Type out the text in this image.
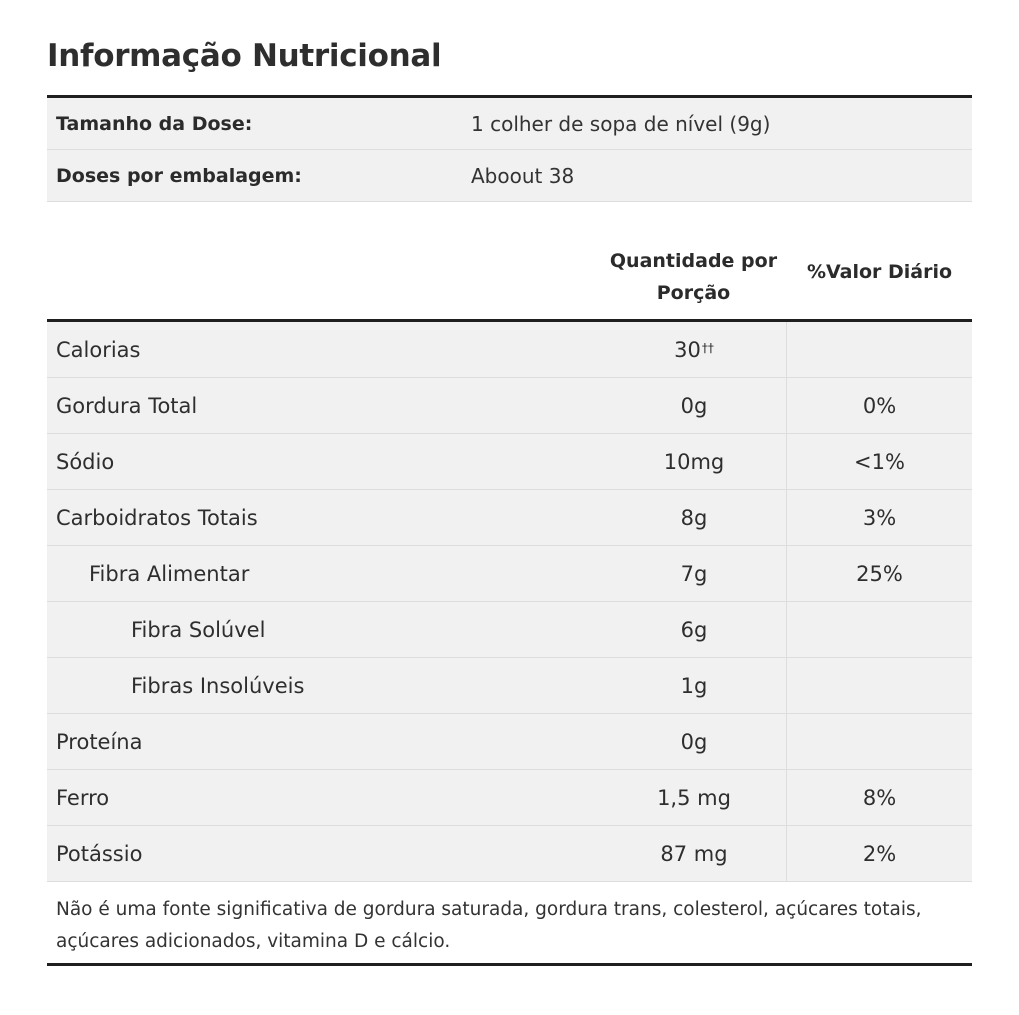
Informação Nutricional
Tamanho da Dose:	1 colher de sopa de nível (9g)
Doses por embalagem:	Aboout 38
Quantidade por
Porção
%Valor Diário
Calorias	30††
Gordura Total	0g	0%
Sódio	10mg	<1%
Carboidratos Totais	8g	3%
Fibra Alimentar	7g	25%
Fibra Solúvel	6g
Fibras Insolúveis	1g
Proteína	0g
Ferro	1,5 mg	8%
Potássio	87 mg	2%
Não é uma fonte significativa de gordura saturada, gordura trans, colesterol, açúcares totais, açúcares adicionados, vitamina D e cálcio.
